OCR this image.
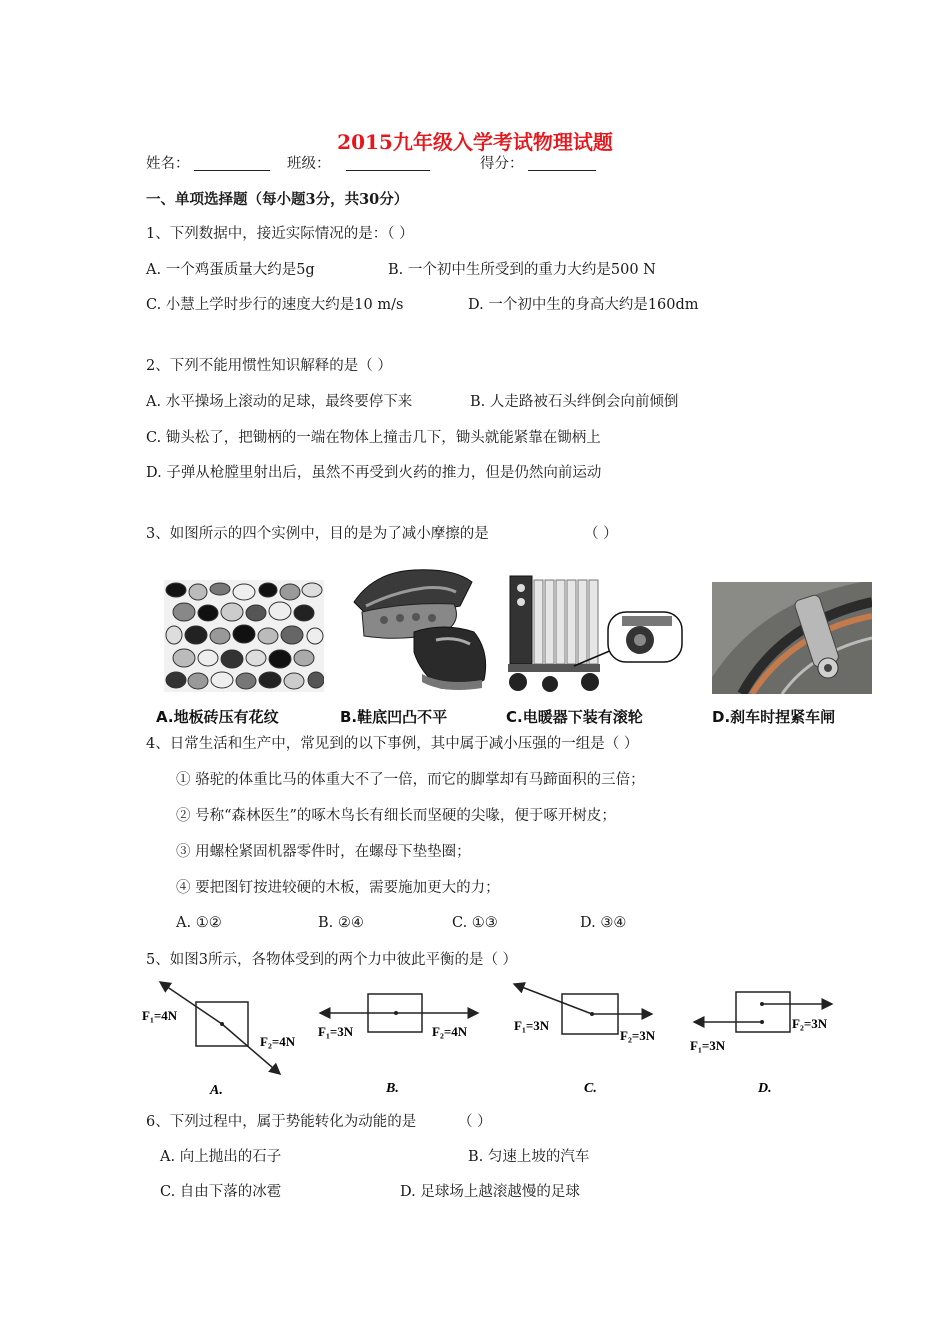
2015九年级入学考试物理试题
姓名：	班级：	得分：
一、单项选择题（每小题3分，共30分）
1、下列数据中，接近实际情况的是：（ ）
A. 一个鸡蛋质量大约是5g	B. 一个初中生所受到的重力大约是500 N
C. 小慧上学时步行的速度大约是10 m/s	D. 一个初中生的身高大约是160dm
2、下列不能用惯性知识解释的是（ ）
A. 水平操场上滚动的足球，最终要停下来	B. 人走路被石头绊倒会向前倾倒
C. 锄头松了，把锄柄的一端在物体上撞击几下，锄头就能紧靠在锄柄上
D. 子弹从枪膛里射出后，虽然不再受到火药的推力，但是仍然向前运动
3、如图所示的四个实例中，目的是为了减小摩擦的是	（ ）
A.地板砖压有花纹	B.鞋底凹凸不平	C.电暖器下装有滚轮	D.刹车时捏紧车闸
4、日常生活和生产中，常见到的以下事例，其中属于减小压强的一组是（ ）
① 骆驼的体重比马的体重大不了一倍，而它的脚掌却有马蹄面积的三倍；
② 号称“森林医生”的啄木鸟长有细长而坚硬的尖喙，便于啄开树皮；
③ 用螺栓紧固机器零件时，在螺母下垫垫圈；
④ 要把图钉按进较硬的木板，需要施加更大的力；
A. ①②	B. ②④	C. ①③	D. ③④
5、如图3所示，各物体受到的两个力中彼此平衡的是（ ）
F₁=4N
F₂=4N
A.
F₁=3N	F₂=4N
B.
F₁=3N
F₂=3N
C.
F₁=3N
F₂=3N
D.
6、下列过程中，属于势能转化为动能的是	（ ）
A. 向上抛出的石子	B. 匀速上坡的汽车
C. 自由下落的冰雹	D. 足球场上越滚越慢的足球
